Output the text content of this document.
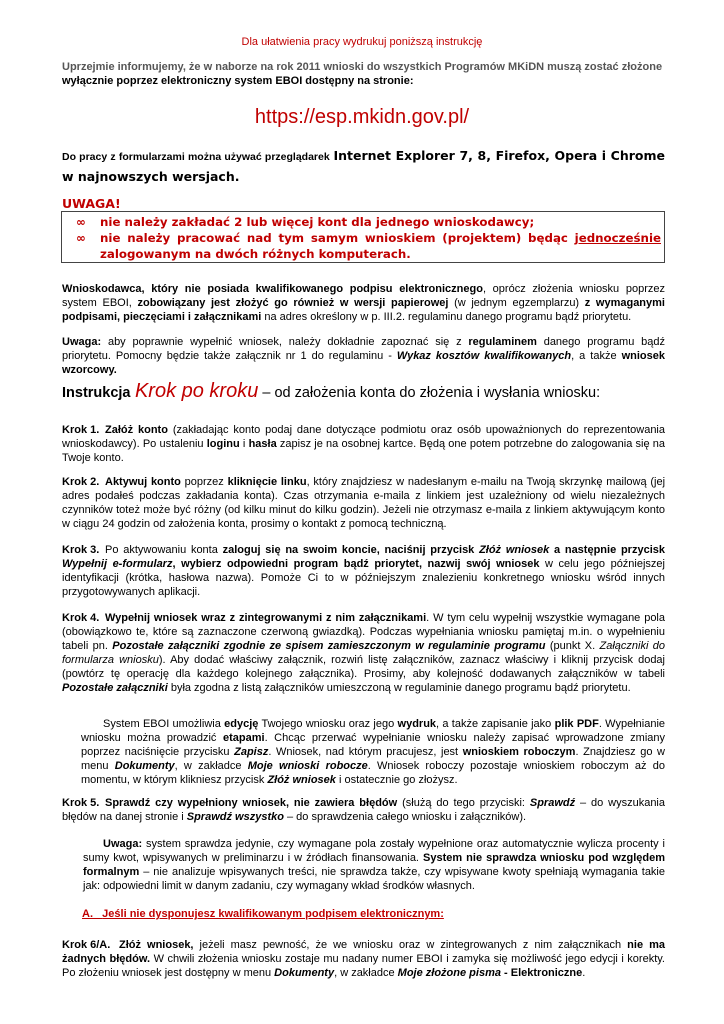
Dla ułatwienia pracy wydrukuj poniższą instrukcję
Uprzejmie informujemy, że w naborze na rok 2011 wnioski do wszystkich Programów MKiDN muszą zostać złożone
wyłącznie poprzez elektroniczny system EBOI dostępny na stronie:
https://esp.mkidn.gov.pl/
Do pracy z formularzami można używać przeglądarek Internet Explorer 7, 8, Firefox, Opera i Chrome w najnowszych wersjach.
UWAGA!
∞ nie należy zakładać 2 lub więcej kont dla jednego wnioskodawcy;
∞ nie należy pracować nad tym samym wnioskiem (projektem) będąc jednocześnie zalogowanym na dwóch różnych komputerach.
Wnioskodawca, który nie posiada kwalifikowanego podpisu elektronicznego, oprócz złożenia wniosku poprzez system EBOI, zobowiązany jest złożyć go również w wersji papierowej (w jednym egzemplarzu) z wymaganymi podpisami, pieczęciami i załącznikami na adres określony w p. III.2. regulaminu danego programu bądź priorytetu.
Uwaga: aby poprawnie wypełnić wniosek, należy dokładnie zapoznać się z regulaminem danego programu bądź priorytetu. Pomocny będzie także załącznik nr 1 do regulaminu - Wykaz kosztów kwalifikowanych, a także wniosek wzorcowy.
Instrukcja Krok po kroku – od założenia konta do złożenia i wysłania wniosku:
Krok 1. Załóż konto (zakładając konto podaj dane dotyczące podmiotu oraz osób upoważnionych do reprezentowania wnioskodawcy). Po ustaleniu loginu i hasła zapisz je na osobnej kartce. Będą one potem potrzebne do zalogowania się na Twoje konto.
Krok 2. Aktywuj konto poprzez kliknięcie linku, który znajdziesz w nadesłanym e-mailu na Twoją skrzynkę mailową (jej adres podałeś podczas zakładania konta). Czas otrzymania e-maila z linkiem jest uzależniony od wielu niezależnych czynników toteż może być różny (od kilku minut do kilku godzin). Jeżeli nie otrzymasz e-maila z linkiem aktywującym konto w ciągu 24 godzin od założenia konta, prosimy o kontakt z pomocą techniczną.
Krok 3. Po aktywowaniu konta zaloguj się na swoim koncie, naciśnij przycisk Złóż wniosek a następnie przycisk Wypełnij e-formularz, wybierz odpowiedni program bądź priorytet, nazwij swój wniosek w celu jego późniejszej identyfikacji (krótka, hasłowa nazwa). Pomoże Ci to w późniejszym znalezieniu konkretnego wniosku wśród innych przygotowywanych aplikacji.
Krok 4. Wypełnij wniosek wraz z zintegrowanymi z nim załącznikami. W tym celu wypełnij wszystkie wymagane pola (obowiązkowo te, które są zaznaczone czerwoną gwiazdką). Podczas wypełniania wniosku pamiętaj m.in. o wypełnieniu tabeli pn. Pozostałe załączniki zgodnie ze spisem zamieszczonym w regulaminie programu (punkt X. Załączniki do formularza wniosku). Aby dodać właściwy załącznik, rozwiń listę załączników, zaznacz właściwy i kliknij przycisk dodaj (powtórz tę operację dla każdego kolejnego załącznika). Prosimy, aby kolejność dodawanych załączników w tabeli Pozostałe załączniki była zgodna z listą załączników umieszczoną w regulaminie danego programu bądź priorytetu.
System EBOI umożliwia edycję Twojego wniosku oraz jego wydruk, a także zapisanie jako plik PDF. Wypełnianie wniosku można prowadzić etapami. Chcąc przerwać wypełnianie wniosku należy zapisać wprowadzone zmiany poprzez naciśnięcie przycisku Zapisz. Wniosek, nad którym pracujesz, jest wnioskiem roboczym. Znajdziesz go w menu Dokumenty, w zakładce Moje wnioski robocze. Wniosek roboczy pozostaje wnioskiem roboczym aż do momentu, w którym klikniesz przycisk Złóż wniosek i ostatecznie go złożysz.
Krok 5. Sprawdź czy wypełniony wniosek, nie zawiera błędów (służą do tego przyciski: Sprawdź – do wyszukania błędów na danej stronie i Sprawdź wszystko – do sprawdzenia całego wniosku i załączników).
Uwaga: system sprawdza jedynie, czy wymagane pola zostały wypełnione oraz automatycznie wylicza procenty i sumy kwot, wpisywanych w preliminarzu i w źródłach finansowania. System nie sprawdza wniosku pod względem formalnym – nie analizuje wpisywanych treści, nie sprawdza także, czy wpisywane kwoty spełniają wymagania takie jak: odpowiedni limit w danym zadaniu, czy wymagany wkład środków własnych.
A. Jeśli nie dysponujesz kwalifikowanym podpisem elektronicznym:
Krok 6/A. Złóż wniosek, jeżeli masz pewność, że we wniosku oraz w zintegrowanych z nim załącznikach nie ma żadnych błędów. W chwili złożenia wniosku zostaje mu nadany numer EBOI i zamyka się możliwość jego edycji i korekty. Po złożeniu wniosek jest dostępny w menu Dokumenty, w zakładce Moje złożone pisma - Elektroniczne.
